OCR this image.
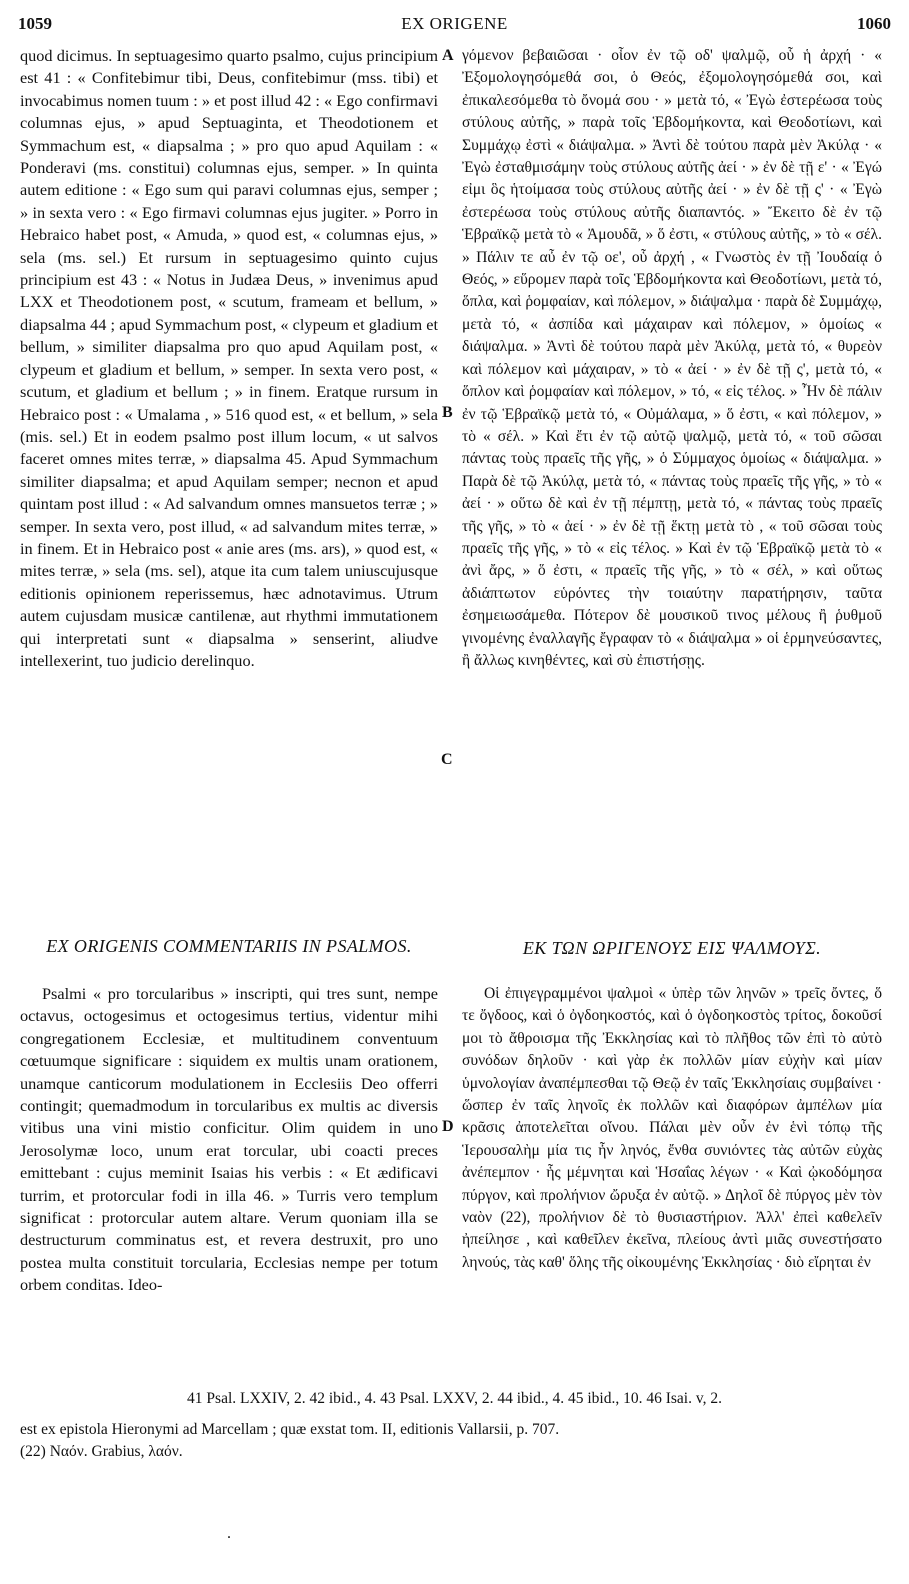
1059	EX ORIGENE	1060

quod dicimus. In septuagesimo quarto psalmo, cujus principium est 41 : « Confitebimur tibi, Deus, confitebimur (mss. tibi) et invocabimus nomen tuum : » et post illud 42 : « Ego confirmavi columnas ejus, » apud Septuaginta, et Theodotionem et Symmachum est, « diapsalma ; » pro quo apud Aquilam : « Ponderavi (ms. constitui) columnas ejus, semper. » In quinta autem editione : « Ego sum qui paravi columnas ejus, semper ; » in sexta vero : « Ego firmavi columnas ejus jugiter. » Porro in Hebraico habet post, « Amuda, » quod est, « columnas ejus, » sela (ms. sel.) Et rursum in septuagesimo quinto cujus principium est 43 : « Notus in Judæa Deus, » invenimus apud LXX et Theodotionem post, « scutum, frameam et bellum, » diapsalma 44 ; apud Symmachum post, « clypeum et gladium et bellum, » similiter diapsalma pro quo apud Aquilam post, « clypeum et gladium et bellum, » semper. In sexta vero post, « scutum, et gladium et bellum ; » in finem. Eratque rursum in Hebraico post : « Umalama , » 516 quod est, « et bellum, » sela (mis. sel.) Et in eodem psalmo post illum locum, « ut salvos faceret omnes mites terræ, » diapsalma 45. Apud Symmachum similiter diapsalma; et apud Aquilam semper; necnon et apud quintam post illud : « Ad salvandum omnes mansuetos terræ ; » semper. In sexta vero, post illud, « ad salvandum mites terræ, » in finem. Et in Hebraico post « anie ares (ms. ars), » quod est, « mites terræ, » sela (ms. sel), atque ita cum talem uniuscujusque editionis opinionem reperissemus, hæc adnotavimus. Utrum autem cujusdam musicæ cantilenæ, aut rhythmi immutationem qui interpretati sunt « diapsalma » senserint, aliudve intellexerint, tuo judicio derelinquo.

A
B
C
D

γόμενον βεβαιῶσαι · οἷον ἐν τῷ οδ' ψαλμῷ, οὗ ἡ ἀρχή · « Ἐξομολογησόμεθά σοι, ὁ Θεός, ἐξομολογησόμεθά σοι, καὶ ἐπικαλεσόμεθα τὸ ὄνομά σου · » μετὰ τό, « Ἐγὼ ἐστερέωσα τοὺς στύλους αὐτῆς, » παρὰ τοῖς Ἑβδομήκοντα, καὶ Θεοδοτίωνι, καὶ Συμμάχῳ ἐστὶ « διάψαλμα. » Ἀντὶ δὲ τούτου παρὰ μὲν Ἀκύλᾳ · « Ἐγὼ ἐσταθμισάμην τοὺς στύλους αὐτῆς ἀεί · » ἐν δὲ τῇ ε' · « Ἐγώ εἰμι ὃς ἡτοίμασα τοὺς στύλους αὐτῆς ἀεί · » ἐν δὲ τῇ ς' · « Ἐγὼ ἐστερέωσα τοὺς στύλους αὐτῆς διαπαντός. » Ἔκειτο δὲ ἐν τῷ Ἑβραϊκῷ μετὰ τὸ « Ἀμουδᾶ, » ὅ ἐστι, « στύλους αὐτῆς, » τὸ « σέλ. » Πάλιν τε αὖ ἐν τῷ οε', οὗ ἀρχή , « Γνωστὸς ἐν τῇ Ἰουδαίᾳ ὁ Θεός, » εὕρομεν παρὰ τοῖς Ἑβδομήκοντα καὶ Θεοδοτίωνι, μετὰ τό, ὅπλα, καὶ ῥομφαίαν, καὶ πόλεμον, » διάψαλμα · παρὰ δὲ Συμμάχῳ, μετὰ τό, « ἀσπίδα καὶ μάχαιραν καὶ πόλεμον, » ὁμοίως « διάψαλμα. » Ἀντὶ δὲ τούτου παρὰ μὲν Ἀκύλᾳ, μετὰ τό, « θυρεὸν καὶ πόλεμον καὶ μάχαιραν, » τὸ « ἀεί · » ἐν δὲ τῇ ς', μετὰ τό, « ὅπλον καὶ ῥομφαίαν καὶ πόλεμον, » τό, « εἰς τέλος. » Ἦν δὲ πάλιν ἐν τῷ Ἑβραϊκῷ μετὰ τό, « Οὐμάλαμα, » ὅ ἐστι, « καὶ πόλεμον, » τὸ « σέλ. » Καὶ ἔτι ἐν τῷ αὐτῷ ψαλμῷ, μετὰ τό, « τοῦ σῶσαι πάντας τοὺς πραεῖς τῆς γῆς, » ὁ Σύμμαχος ὁμοίως « διάψαλμα. » Παρὰ δὲ τῷ Ἀκύλᾳ, μετὰ τό, « πάντας τοὺς πραεῖς τῆς γῆς, » τὸ « ἀεί · » οὕτω δὲ καὶ ἐν τῇ πέμπτῃ, μετὰ τό, « πάντας τοὺς πραεῖς τῆς γῆς, » τὸ « ἀεί · » ἐν δὲ τῇ ἕκτῃ μετὰ τὸ , « τοῦ σῶσαι τοὺς πραεῖς τῆς γῆς, » τὸ « εἰς τέλος. » Καὶ ἐν τῷ Ἑβραϊκῷ μετὰ τὸ « ἀνὶ ἄρς, » ὅ ἐστι, « πραεῖς τῆς γῆς, » τὸ « σέλ, » καὶ οὕτως ἀδιάπτωτον εὑρόντες τὴν τοιαύτην παρατήρησιν, ταῦτα ἐσημειωσάμεθα. Πότερον δὲ μουσικοῦ τινος μέλους ἢ ῥυθμοῦ γινομένης ἐναλλαγῆς ἔγραφαν τὸ « διάψαλμα » οἱ ἑρμηνεύσαντες, ἢ ἄλλως κινηθέντες, καὶ σὺ ἐπιστήσῃς.

EX ORIGENIS COMMENTARIIS IN PSALMOS.	ΕΚ ΤΩΝ ΩΡΙΓΕΝΟΥΣ ΕΙΣ ΨΑΛΜΟΥΣ.

Psalmi « pro torcularibus » inscripti, qui tres sunt, nempe octavus, octogesimus et octogesimus tertius, videntur mihi congregationem Ecclesiæ, et multitudinem conventuum cœtuumque significare : siquidem ex multis unam orationem, unamque canticorum modulationem in Ecclesiis Deo offerri contingit; quemadmodum in torcularibus ex multis ac diversis vitibus una vini mistio conficitur. Olim quidem in uno Jerosolymæ loco, unum erat torcular, ubi coacti preces emittebant : cujus meminit Isaias his verbis : « Et ædificavi turrim, et protorcular fodi in illa 46. » Turris vero templum significat : protorcular autem altare. Verum quoniam illa se destructurum comminatus est, et revera destruxit, pro uno postea multa constituit torcularia, Ecclesias nempe per totum orbem conditas. Ideo-

Οἱ ἐπιγεγραμμένοι ψαλμοὶ « ὑπὲρ τῶν ληνῶν » τρεῖς ὄντες, ὅ τε ὄγδοος, καὶ ὁ ὀγδοηκοστός, καὶ ὁ ὀγδοηκοστὸς τρίτος, δοκοῦσί μοι τὸ ἄθροισμα τῆς Ἐκκλησίας καὶ τὸ πλῆθος τῶν ἐπὶ τὸ αὐτὸ συνόδων δηλοῦν · καὶ γὰρ ἐκ πολλῶν μίαν εὐχὴν καὶ μίαν ὑμνολογίαν ἀναπέμπεσθαι τῷ Θεῷ ἐν ταῖς Ἐκκλησίαις συμβαίνει · ὥσπερ ἐν ταῖς ληνοῖς ἐκ πολλῶν καὶ διαφόρων ἀμπέλων μία κρᾶσις ἀποτελεῖται οἴνου. Πάλαι μὲν οὖν ἐν ἑνὶ τόπῳ τῆς Ἱερουσαλὴμ μία τις ἦν ληνός, ἔνθα συνιόντες τὰς αὐτῶν εὐχὰς ἀνέπεμπον · ἧς μέμνηται καὶ Ἡσαΐας λέγων · « Καὶ ᾠκοδόμησα πύργον, καὶ προλήνιον ὤρυξα ἐν αὐτῷ. » Δηλοῖ δὲ πύργος μὲν τὸν ναὸν (22), προλήνιον δὲ τὸ θυσιαστήριον. Ἀλλ' ἐπεὶ καθελεῖν ἠπείλησε , καὶ καθεῖλεν ἐκεῖνα, πλείους ἀντὶ μιᾶς συνεστήσατο ληνούς, τὰς καθ' ὅλης τῆς οἰκουμένης Ἐκκλησίας · διὸ εἴρηται ἐν

41 Psal. LXXIV, 2. 42 ibid., 4. 43 Psal. LXXV, 2. 44 ibid., 4. 45 ibid., 10. 46 Isai. v, 2.
est ex epistola Hieronymi ad Marcellam ; quæ exstat tom. II, editionis Vallarsii, p. 707.
(22) Ναόν. Grabius, λαόν.
.
